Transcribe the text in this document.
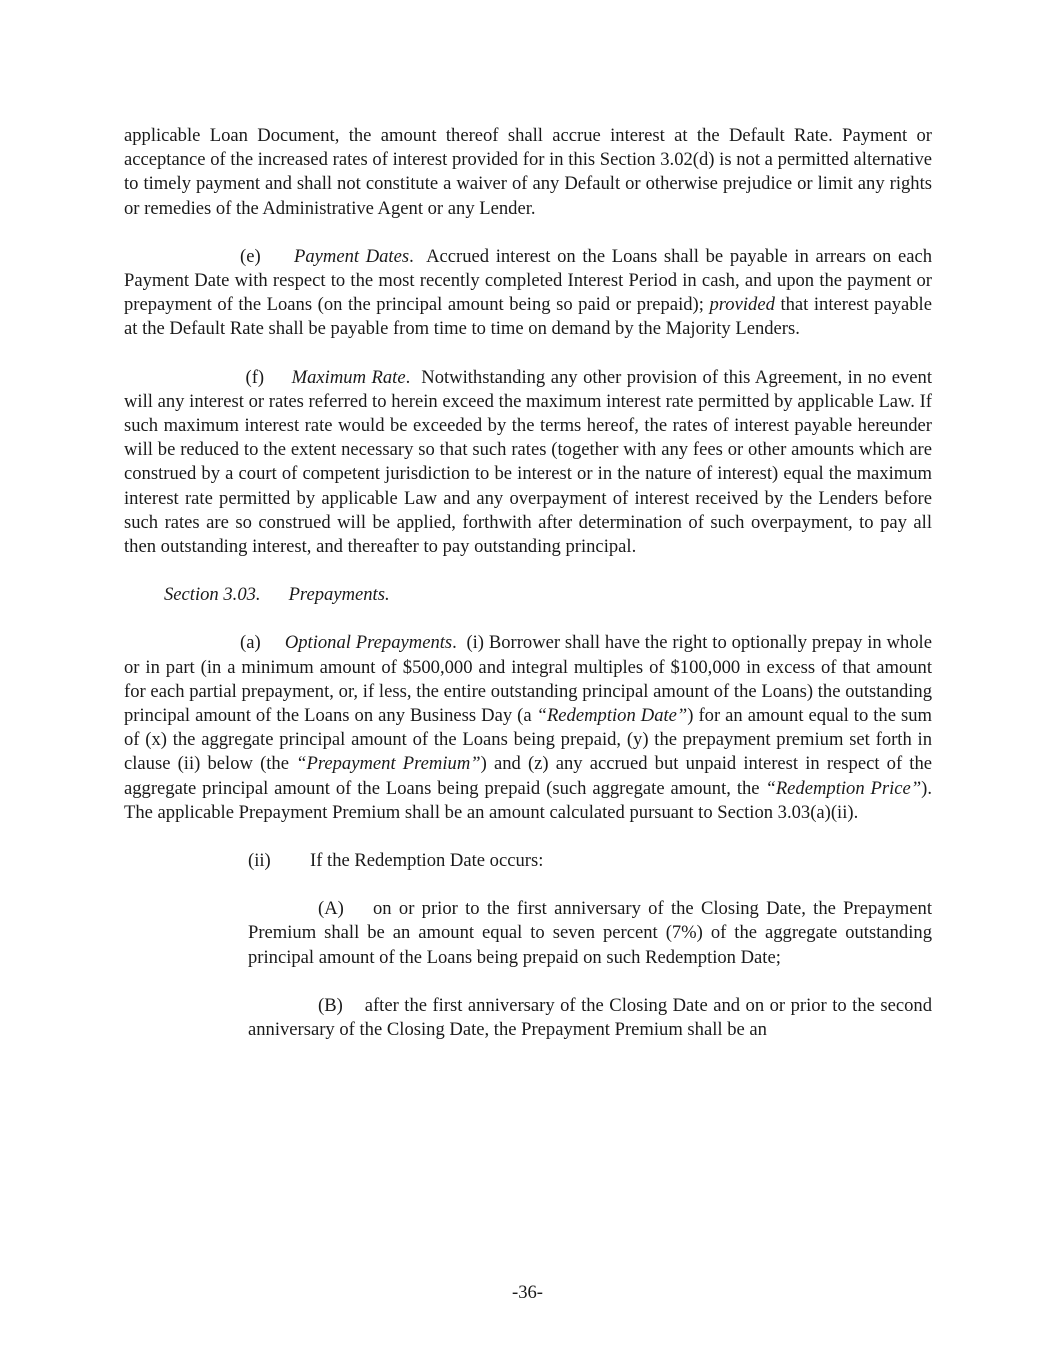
applicable Loan Document, the amount thereof shall accrue interest at the Default Rate. Payment or acceptance of the increased rates of interest provided for in this Section 3.02(d) is not a permitted alternative to timely payment and shall not constitute a waiver of any Default or otherwise prejudice or limit any rights or remedies of the Administrative Agent or any Lender.

(e) Payment Dates.  Accrued interest on the Loans shall be payable in arrears on each Payment Date with respect to the most recently completed Interest Period in cash, and upon the payment or prepayment of the Loans (on the principal amount being so paid or prepaid); provided that interest payable at the Default Rate shall be payable from time to time on demand by the Majority Lenders.

(f) Maximum Rate.  Notwithstanding any other provision of this Agreement, in no event will any interest or rates referred to herein exceed the maximum interest rate permitted by applicable Law. If such maximum interest rate would be exceeded by the terms hereof, the rates of interest payable hereunder will be reduced to the extent necessary so that such rates (together with any fees or other amounts which are construed by a court of competent jurisdiction to be interest or in the nature of interest) equal the maximum interest rate permitted by applicable Law and any overpayment of interest received by the Lenders before such rates are so construed will be applied, forthwith after determination of such overpayment, to pay all then outstanding interest, and thereafter to pay outstanding principal.

Section 3.03. Prepayments.

(a) Optional Prepayments.  (i) Borrower shall have the right to optionally prepay in whole or in part (in a minimum amount of $500,000 and integral multiples of $100,000 in excess of that amount for each partial prepayment, or, if less, the entire outstanding principal amount of the Loans) the outstanding principal amount of the Loans on any Business Day (a “Redemption Date”) for an amount equal to the sum of (x) the aggregate principal amount of the Loans being prepaid, (y) the prepayment premium set forth in clause (ii) below (the “Prepayment Premium”) and (z) any accrued but unpaid interest in respect of the aggregate principal amount of the Loans being prepaid (such aggregate amount, the “Redemption Price”). The applicable Prepayment Premium shall be an amount calculated pursuant to Section 3.03(a)(ii).

(ii) If the Redemption Date occurs:

(A) on or prior to the first anniversary of the Closing Date, the Prepayment Premium shall be an amount equal to seven percent (7%) of the aggregate outstanding principal amount of the Loans being prepaid on such Redemption Date;

(B) after the first anniversary of the Closing Date and on or prior to the second anniversary of the Closing Date, the Prepayment Premium shall be an

-36-
